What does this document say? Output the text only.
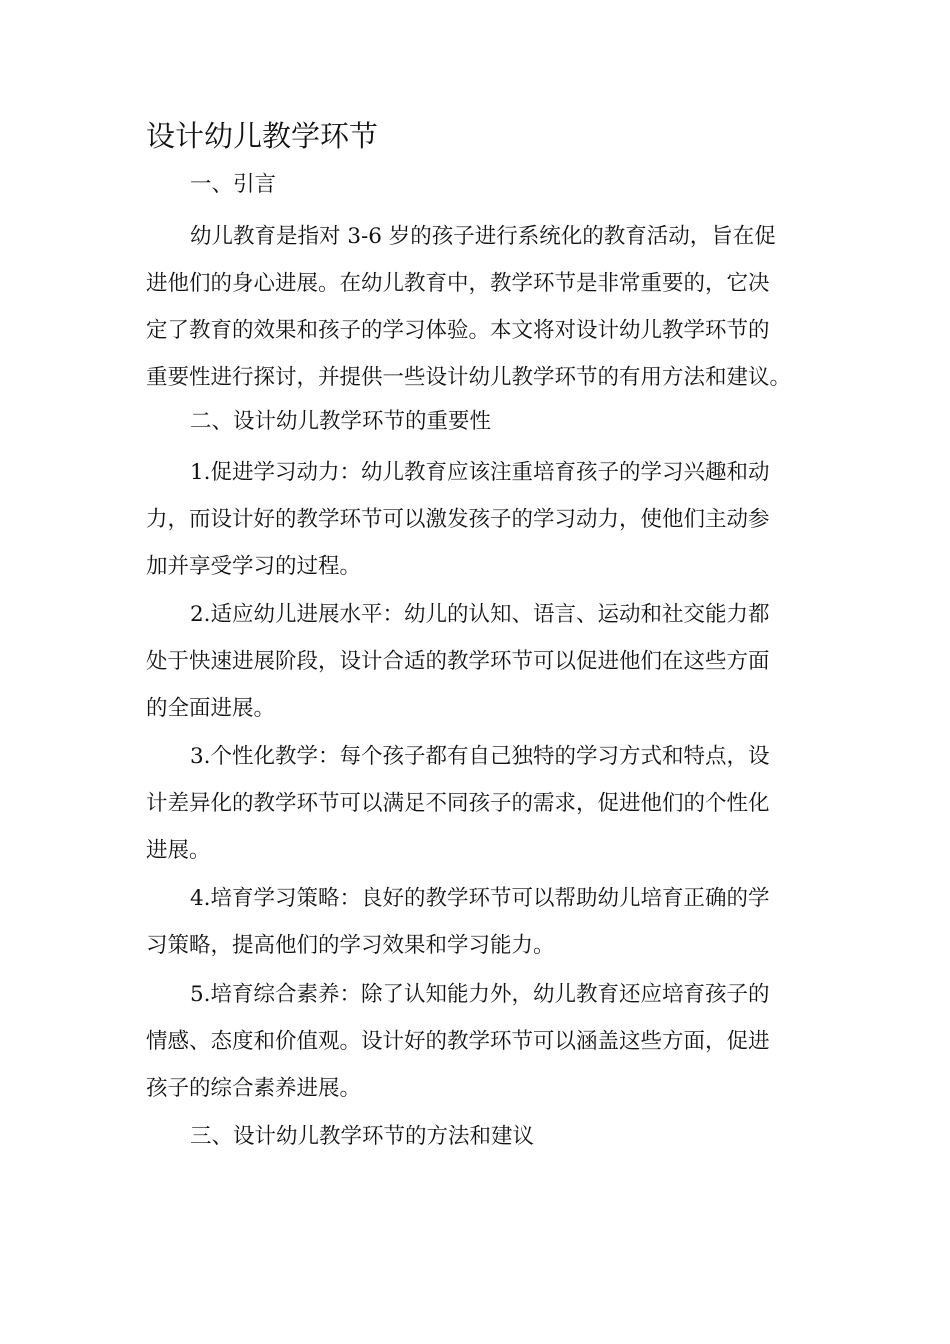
设计幼儿教学环节

一、引言

幼儿教育是指对 3-6 岁的孩子进行系统化的教育活动，旨在促
进他们的身心进展。在幼儿教育中，教学环节是非常重要的，它决
定了教育的效果和孩子的学习体验。本文将对设计幼儿教学环节的
重要性进行探讨，并提供一些设计幼儿教学环节的有用方法和建议。

二、设计幼儿教学环节的重要性

1.促进学习动力：幼儿教育应该注重培育孩子的学习兴趣和动
力，而设计好的教学环节可以激发孩子的学习动力，使他们主动参
加并享受学习的过程。

2.适应幼儿进展水平：幼儿的认知、语言、运动和社交能力都
处于快速进展阶段，设计合适的教学环节可以促进他们在这些方面
的全面进展。

3.个性化教学：每个孩子都有自己独特的学习方式和特点，设
计差异化的教学环节可以满足不同孩子的需求，促进他们的个性化
进展。

4.培育学习策略：良好的教学环节可以帮助幼儿培育正确的学
习策略，提高他们的学习效果和学习能力。

5.培育综合素养：除了认知能力外，幼儿教育还应培育孩子的
情感、态度和价值观。设计好的教学环节可以涵盖这些方面，促进
孩子的综合素养进展。

三、设计幼儿教学环节的方法和建议
